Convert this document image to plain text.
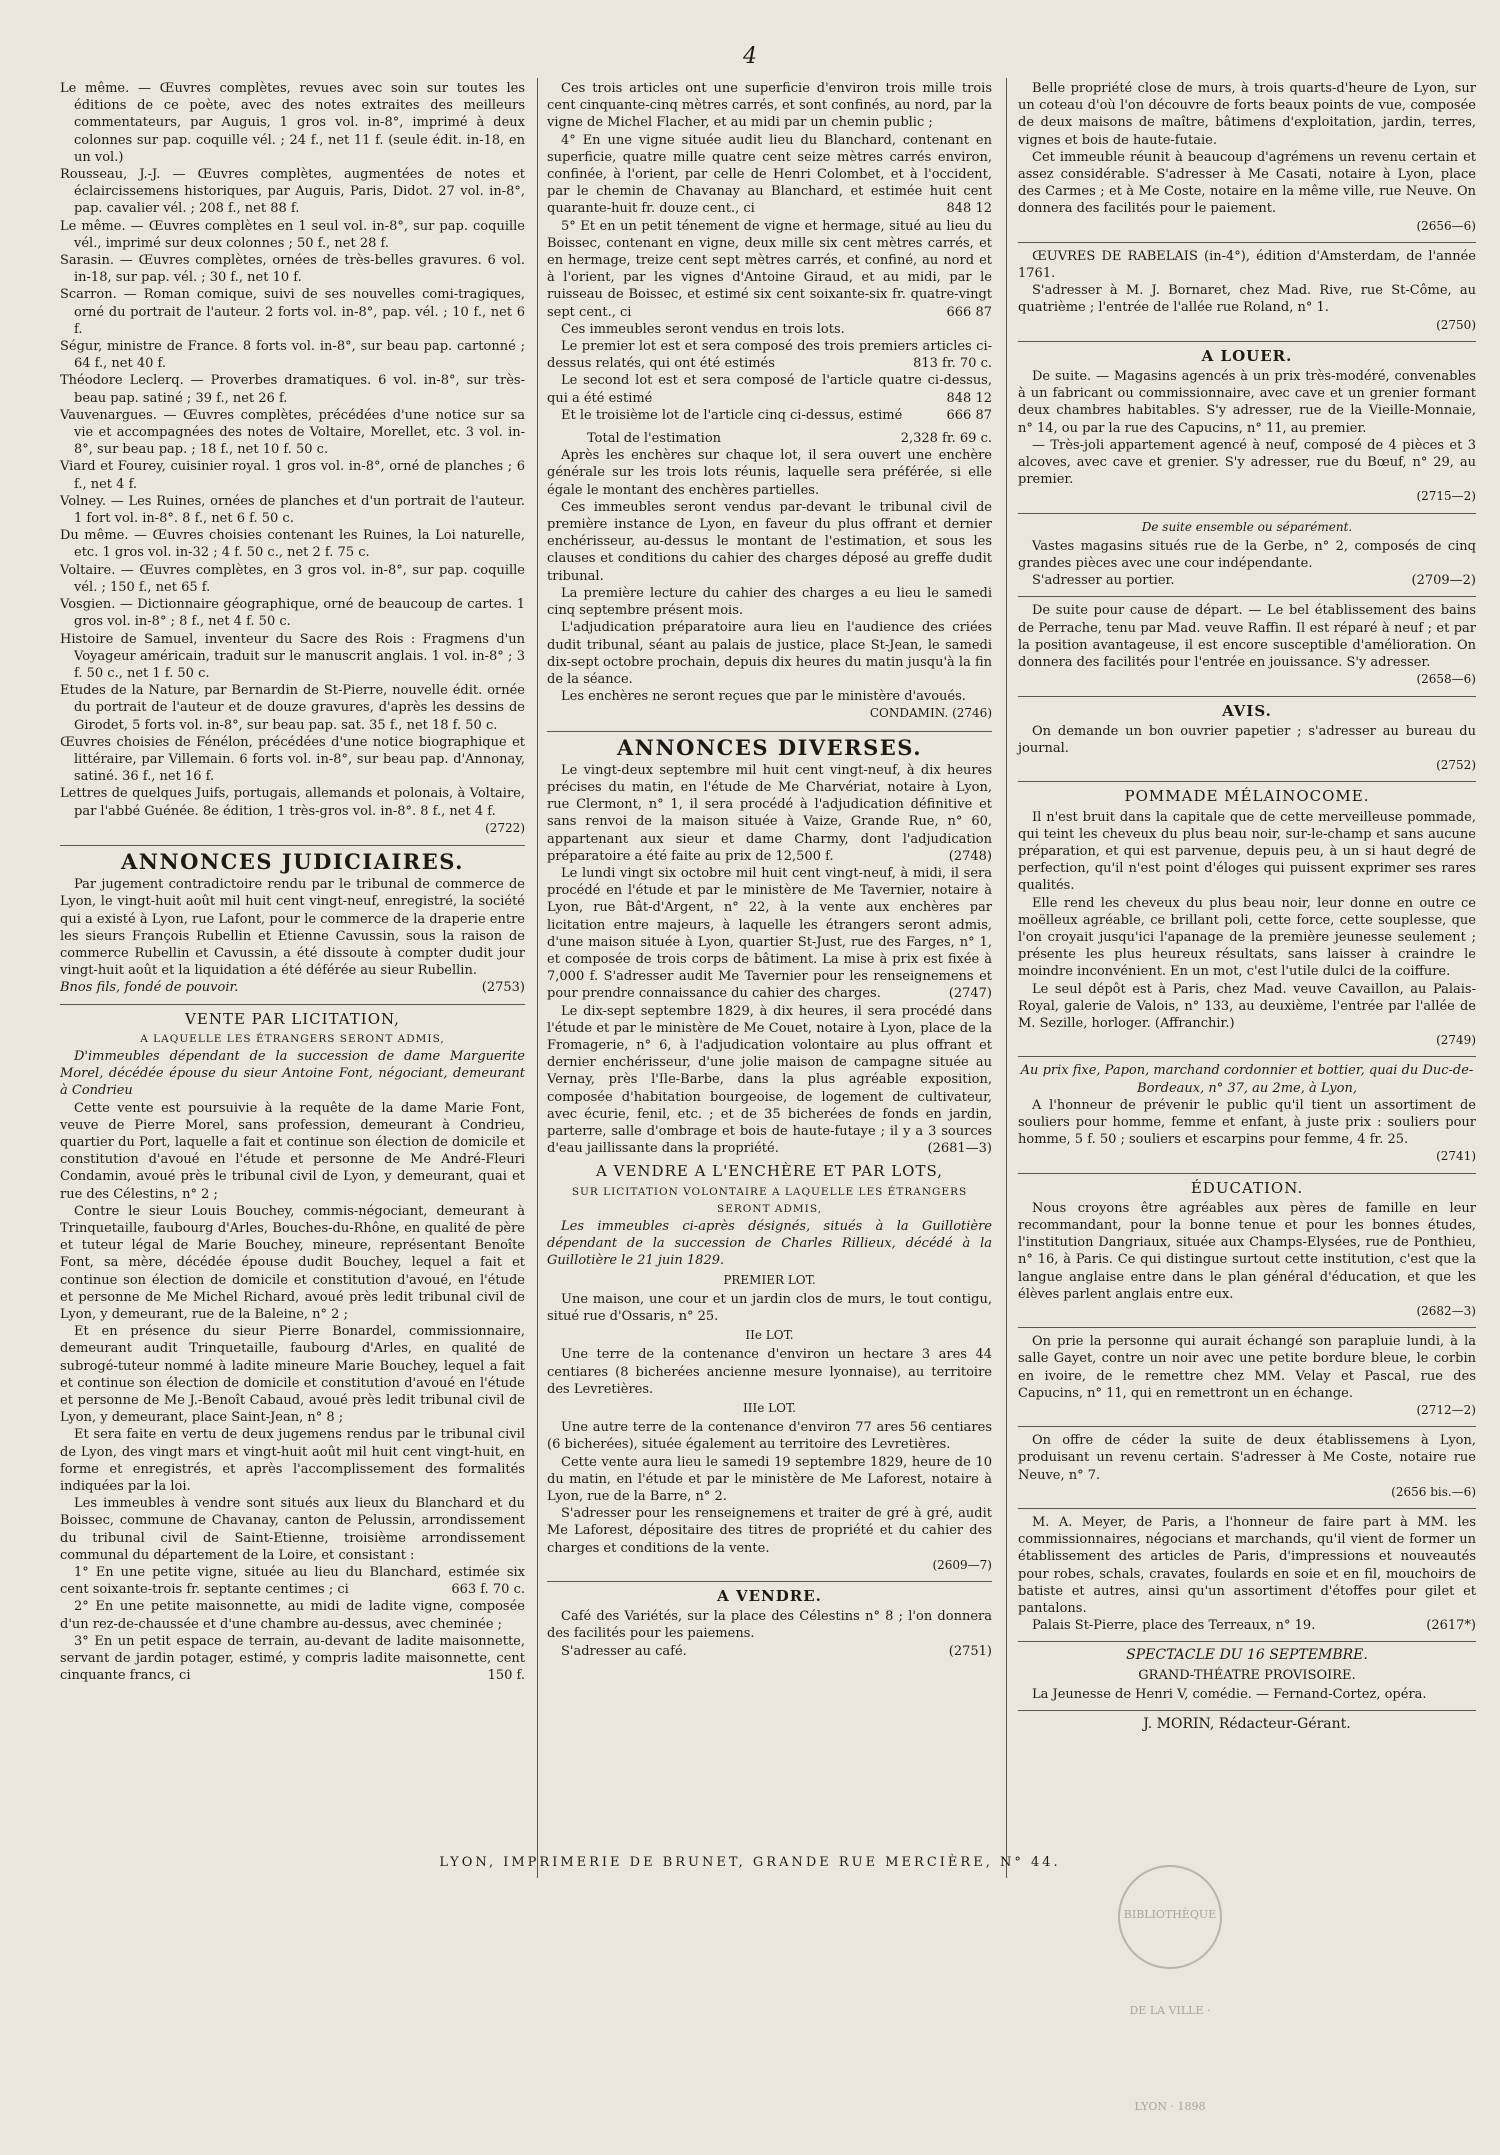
4

Le même. — Œuvres complètes, revues avec soin sur toutes les éditions de ce poète, avec des notes extraites des meilleurs commentateurs, par Auguis, 1 gros vol. in-8°, imprimé à deux colonnes sur pap. coquille vél. ; 24 f., net 11 f. (seule édit. in-18, en un vol.)

Rousseau, J.-J. — Œuvres complètes, augmentées de notes et éclaircissemens historiques, par Auguis, Paris, Didot. 27 vol. in-8°, pap. cavalier vél. ; 208 f., net 88 f.

Le même. — Œuvres complètes en 1 seul vol. in-8°, sur pap. coquille vél., imprimé sur deux colonnes ; 50 f., net 28 f.

Sarasin. — Œuvres complètes, ornées de très-belles gravures. 6 vol. in-18, sur pap. vél. ; 30 f., net 10 f.

Scarron. — Roman comique, suivi de ses nouvelles comi-tragiques, orné du portrait de l'auteur. 2 forts vol. in-8°, pap. vél. ; 10 f., net 6 f.

Ségur, ministre de France. 8 forts vol. in-8°, sur beau pap. cartonné ; 64 f., net 40 f.

Théodore Leclerq. — Proverbes dramatiques. 6 vol. in-8°, sur très-beau pap. satiné ; 39 f., net 26 f.

Vauvenargues. — Œuvres complètes, précédées d'une notice sur sa vie et accompagnées des notes de Voltaire, Morellet, etc. 3 vol. in-8°, sur beau pap. ; 18 f., net 10 f. 50 c.

Viard et Fourey, cuisinier royal. 1 gros vol. in-8°, orné de planches ; 6 f., net 4 f.

Volney. — Les Ruines, ornées de planches et d'un portrait de l'auteur. 1 fort vol. in-8°. 8 f., net 6 f. 50 c.

Du même. — Œuvres choisies contenant les Ruines, la Loi naturelle, etc. 1 gros vol. in-32 ; 4 f. 50 c., net 2 f. 75 c.

Voltaire. — Œuvres complètes, en 3 gros vol. in-8°, sur pap. coquille vél. ; 150 f., net 65 f.

Vosgien. — Dictionnaire géographique, orné de beaucoup de cartes. 1 gros vol. in-8° ; 8 f., net 4 f. 50 c.

Histoire de Samuel, inventeur du Sacre des Rois : Fragmens d'un Voyageur américain, traduit sur le manuscrit anglais. 1 vol. in-8° ; 3 f. 50 c., net 1 f. 50 c.

Etudes de la Nature, par Bernardin de St-Pierre, nouvelle édit. ornée du portrait de l'auteur et de douze gravures, d'après les dessins de Girodet, 5 forts vol. in-8°, sur beau pap. sat. 35 f., net 18 f. 50 c.

Œuvres choisies de Fénélon, précédées d'une notice biographique et littéraire, par Villemain. 6 forts vol. in-8°, sur beau pap. d'Annonay, satiné. 36 f., net 16 f.

Lettres de quelques Juifs, portugais, allemands et polonais, à Voltaire, par l'abbé Guénée. 8e édition, 1 très-gros vol. in-8°. 8 f., net 4 f.

(2722)
ANNONCES JUDICIAIRES.

Par jugement contradictoire rendu par le tribunal de commerce de Lyon, le vingt-huit août mil huit cent vingt-neuf, enregistré, la société qui a existé à Lyon, rue Lafont, pour le commerce de la draperie entre les sieurs François Rubellin et Etienne Cavussin, sous la raison de commerce Rubellin et Cavussin, a été dissoute à compter dudit jour vingt-huit août et la liquidation a été déférée au sieur Rubellin.

Bnos fils, fondé de pouvoir.	(2753)
VENTE PAR LICITATION,
A LAQUELLE LES ÉTRANGERS SERONT ADMIS,

D'immeubles dépendant de la succession de dame Marguerite Morel, décédée épouse du sieur Antoine Font, négociant, demeurant à Condrieu

Cette vente est poursuivie à la requête de la dame Marie Font, veuve de Pierre Morel, sans profession, demeurant à Condrieu, quartier du Port, laquelle a fait et continue son élection de domicile et constitution d'avoué en l'étude et personne de Me André-Fleuri Condamin, avoué près le tribunal civil de Lyon, y demeurant, quai et rue des Célestins, n° 2 ;

Contre le sieur Louis Bouchey, commis-négociant, demeurant à Trinquetaille, faubourg d'Arles, Bouches-du-Rhône, en qualité de père et tuteur légal de Marie Bouchey, mineure, représentant Benoîte Font, sa mère, décédée épouse dudit Bouchey, lequel a fait et continue son élection de domicile et constitution d'avoué, en l'étude et personne de Me Michel Richard, avoué près ledit tribunal civil de Lyon, y demeurant, rue de la Baleine, n° 2 ;

Et en présence du sieur Pierre Bonardel, commissionnaire, demeurant audit Trinquetaille, faubourg d'Arles, en qualité de subrogé-tuteur nommé à ladite mineure Marie Bouchey, lequel a fait et continue son élection de domicile et constitution d'avoué en l'étude et personne de Me J.-Benoît Cabaud, avoué près ledit tribunal civil de Lyon, y demeurant, place Saint-Jean, n° 8 ;

Et sera faite en vertu de deux jugemens rendus par le tribunal civil de Lyon, des vingt mars et vingt-huit août mil huit cent vingt-huit, en forme et enregistrés, et après l'accomplissement des formalités indiquées par la loi.

Les immeubles à vendre sont situés aux lieux du Blanchard et du Boissec, commune de Chavanay, canton de Pelussin, arrondissement du tribunal civil de Saint-Etienne, troisième arrondissement communal du département de la Loire, et consistant :

1° En une petite vigne, située au lieu du Blanchard, estimée six cent soixante-trois fr. septante centimes ; ci	663 f. 70 c.

2° En une petite maisonnette, au midi de ladite vigne, composée d'un rez-de-chaussée et d'une chambre au-dessus, avec cheminée ;

3° En un petit espace de terrain, au-devant de ladite maisonnette, servant de jardin potager, estimé, y compris ladite maisonnette, cent cinquante francs, ci	150 f.

Ces trois articles ont une superficie d'environ trois mille trois cent cinquante-cinq mètres carrés, et sont confinés, au nord, par la vigne de Michel Flacher, et au midi par un chemin public ;

4° En une vigne située audit lieu du Blanchard, contenant en superficie, quatre mille quatre cent seize mètres carrés environ, confinée, à l'orient, par celle de Henri Colombet, et à l'occident, par le chemin de Chavanay au Blanchard, et estimée huit cent quarante-huit fr. douze cent., ci	848 12

5° Et en un petit ténement de vigne et hermage, situé au lieu du Boissec, contenant en vigne, deux mille six cent mètres carrés, et en hermage, treize cent sept mètres carrés, et confiné, au nord et à l'orient, par les vignes d'Antoine Giraud, et au midi, par le ruisseau de Boissec, et estimé six cent soixante-six fr. quatre-vingt sept cent., ci	666 87

Ces immeubles seront vendus en trois lots.

Le premier lot est et sera composé des trois premiers articles ci-dessus relatés, qui ont été estimés	813 fr. 70 c.

Le second lot est et sera composé de l'article quatre ci-dessus, qui a été estimé	848 12

Et le troisième lot de l'article cinq ci-dessus, estimé	666 87

Total de l'estimation	2,328 fr. 69 c.

Après les enchères sur chaque lot, il sera ouvert une enchère générale sur les trois lots réunis, laquelle sera préférée, si elle égale le montant des enchères partielles.

Ces immeubles seront vendus par-devant le tribunal civil de première instance de Lyon, en faveur du plus offrant et dernier enchérisseur, au-dessus le montant de l'estimation, et sous les clauses et conditions du cahier des charges déposé au greffe dudit tribunal.

La première lecture du cahier des charges a eu lieu le samedi cinq septembre présent mois.

L'adjudication préparatoire aura lieu en l'audience des criées dudit tribunal, séant au palais de justice, place St-Jean, le samedi dix-sept octobre prochain, depuis dix heures du matin jusqu'à la fin de la séance.

Les enchères ne seront reçues que par le ministère d'avoués.

CONDAMIN. (2746)
ANNONCES DIVERSES.

Le vingt-deux septembre mil huit cent vingt-neuf, à dix heures précises du matin, en l'étude de Me Charvériat, notaire à Lyon, rue Clermont, n° 1, il sera procédé à l'adjudication définitive et sans renvoi de la maison située à Vaize, Grande Rue, n° 60, appartenant aux sieur et dame Charmy, dont l'adjudication préparatoire a été faite au prix de 12,500 f.	(2748)

Le lundi vingt six octobre mil huit cent vingt-neuf, à midi, il sera procédé en l'étude et par le ministère de Me Tavernier, notaire à Lyon, rue Bât-d'Argent, n° 22, à la vente aux enchères par licitation entre majeurs, à laquelle les étrangers seront admis, d'une maison située à Lyon, quartier St-Just, rue des Farges, n° 1, et composée de trois corps de bâtiment. La mise à prix est fixée à 7,000 f. S'adresser audit Me Tavernier pour les renseignemens et pour prendre connaissance du cahier des charges.	(2747)

Le dix-sept septembre 1829, à dix heures, il sera procédé dans l'étude et par le ministère de Me Couet, notaire à Lyon, place de la Fromagerie, n° 6, à l'adjudication volontaire au plus offrant et dernier enchérisseur, d'une jolie maison de campagne située au Vernay, près l'Ile-Barbe, dans la plus agréable exposition, composée d'habitation bourgeoise, de logement de cultivateur, avec écurie, fenil, etc. ; et de 35 bicherées de fonds en jardin, parterre, salle d'ombrage et bois de haute-futaye ; il y a 3 sources d'eau jaillissante dans la propriété.	(2681—3)

A VENDRE A L'ENCHÈRE ET PAR LOTS,
SUR LICITATION VOLONTAIRE A LAQUELLE LES ÉTRANGERS SERONT ADMIS,

Les immeubles ci-après désignés, situés à la Guillotière dépendant de la succession de Charles Rillieux, décédé à la Guillotière le 21 juin 1829.

PREMIER LOT.

Une maison, une cour et un jardin clos de murs, le tout contigu, situé rue d'Ossaris, n° 25.

IIe LOT.

Une terre de la contenance d'environ un hectare 3 ares 44 centiares (8 bicherées ancienne mesure lyonnaise), au territoire des Levretières.

IIIe LOT.

Une autre terre de la contenance d'environ 77 ares 56 centiares (6 bicherées), située également au territoire des Levretières.

Cette vente aura lieu le samedi 19 septembre 1829, heure de 10 du matin, en l'étude et par le ministère de Me Laforest, notaire à Lyon, rue de la Barre, n° 2.

S'adresser pour les renseignemens et traiter de gré à gré, audit Me Laforest, dépositaire des titres de propriété et du cahier des charges et conditions de la vente.

(2609—7)
A VENDRE.

Café des Variétés, sur la place des Célestins n° 8 ; l'on donnera des facilités pour les paiemens.

S'adresser au café.	(2751)

Belle propriété close de murs, à trois quarts-d'heure de Lyon, sur un coteau d'où l'on découvre de forts beaux points de vue, composée de deux maisons de maître, bâtimens d'exploitation, jardin, terres, vignes et bois de haute-futaie.

Cet immeuble réunit à beaucoup d'agrémens un revenu certain et assez considérable. S'adresser à Me Casati, notaire à Lyon, place des Carmes ; et à Me Coste, notaire en la même ville, rue Neuve. On donnera des facilités pour le paiement.

(2656—6)

ŒUVRES DE RABELAIS (in-4°), édition d'Amsterdam, de l'année 1761.

S'adresser à M. J. Bornaret, chez Mad. Rive, rue St-Côme, au quatrième ; l'entrée de l'allée rue Roland, n° 1.

(2750)
A LOUER.

De suite. — Magasins agencés à un prix très-modéré, convenables à un fabricant ou commissionnaire, avec cave et un grenier formant deux chambres habitables. S'y adresser, rue de la Vieille-Monnaie, n° 14, ou par la rue des Capucins, n° 11, au premier.

— Très-joli appartement agencé à neuf, composé de 4 pièces et 3 alcoves, avec cave et grenier. S'y adresser, rue du Bœuf, n° 29, au premier.

(2715—2)
De suite ensemble ou séparément.

Vastes magasins situés rue de la Gerbe, n° 2, composés de cinq grandes pièces avec une cour indépendante.

S'adresser au portier.	(2709—2)

De suite pour cause de départ. — Le bel établissement des bains de Perrache, tenu par Mad. veuve Raffin. Il est réparé à neuf ; et par la position avantageuse, il est encore susceptible d'amélioration. On donnera des facilités pour l'entrée en jouissance. S'y adresser.

(2658—6)
AVIS.

On demande un bon ouvrier papetier ; s'adresser au bureau du journal.

(2752)
POMMADE MÉLAINOCOME.

Il n'est bruit dans la capitale que de cette merveilleuse pommade, qui teint les cheveux du plus beau noir, sur-le-champ et sans aucune préparation, et qui est parvenue, depuis peu, à un si haut degré de perfection, qu'il n'est point d'éloges qui puissent exprimer ses rares qualités.

Elle rend les cheveux du plus beau noir, leur donne en outre ce moëlleux agréable, ce brillant poli, cette force, cette souplesse, que l'on croyait jusqu'ici l'apanage de la première jeunesse seulement ; présente les plus heureux résultats, sans laisser à craindre le moindre inconvénient. En un mot, c'est l'utile dulci de la coiffure.

Le seul dépôt est à Paris, chez Mad. veuve Cavaillon, au Palais-Royal, galerie de Valois, n° 133, au deuxième, l'entrée par l'allée de M. Sezille, horloger. (Affranchir.)

(2749)

Au prix fixe, Papon, marchand cordonnier et bottier, quai du Duc-de-Bordeaux, n° 37, au 2me, à Lyon,

A l'honneur de prévenir le public qu'il tient un assortiment de souliers pour homme, femme et enfant, à juste prix : souliers pour homme, 5 f. 50 ; souliers et escarpins pour femme, 4 fr. 25.

(2741)
ÉDUCATION.

Nous croyons être agréables aux pères de famille en leur recommandant, pour la bonne tenue et pour les bonnes études, l'institution Dangriaux, située aux Champs-Elysées, rue de Ponthieu, n° 16, à Paris. Ce qui distingue surtout cette institution, c'est que la langue anglaise entre dans le plan général d'éducation, et que les élèves parlent anglais entre eux.

(2682—3)

On prie la personne qui aurait échangé son parapluie lundi, à la salle Gayet, contre un noir avec une petite bordure bleue, le corbin en ivoire, de le remettre chez MM. Velay et Pascal, rue des Capucins, n° 11, qui en remettront un en échange.

(2712—2)

On offre de céder la suite de deux établissemens à Lyon, produisant un revenu certain. S'adresser à Me Coste, notaire rue Neuve, n° 7.

(2656 bis.—6)

M. A. Meyer, de Paris, a l'honneur de faire part à MM. les commissionnaires, négocians et marchands, qu'il vient de former un établissement des articles de Paris, d'impressions et nouveautés pour robes, schals, cravates, foulards en soie et en fil, mouchoirs de batiste et autres, ainsi qu'un assortiment d'étoffes pour gilet et pantalons.

Palais St-Pierre, place des Terreaux, n° 19.	(2617*)
SPECTACLE DU 16 SEPTEMBRE.
GRAND-THÉATRE PROVISOIRE.

La Jeunesse de Henri V, comédie. — Fernand-Cortez, opéra.

J. MORIN, Rédacteur-Gérant.
LYON, IMPRIMERIE DE BRUNET, GRANDE RUE MERCIÈRE, N° 44.
BIBLIOTHÈQUE DE LA VILLE · LYON · 1898
